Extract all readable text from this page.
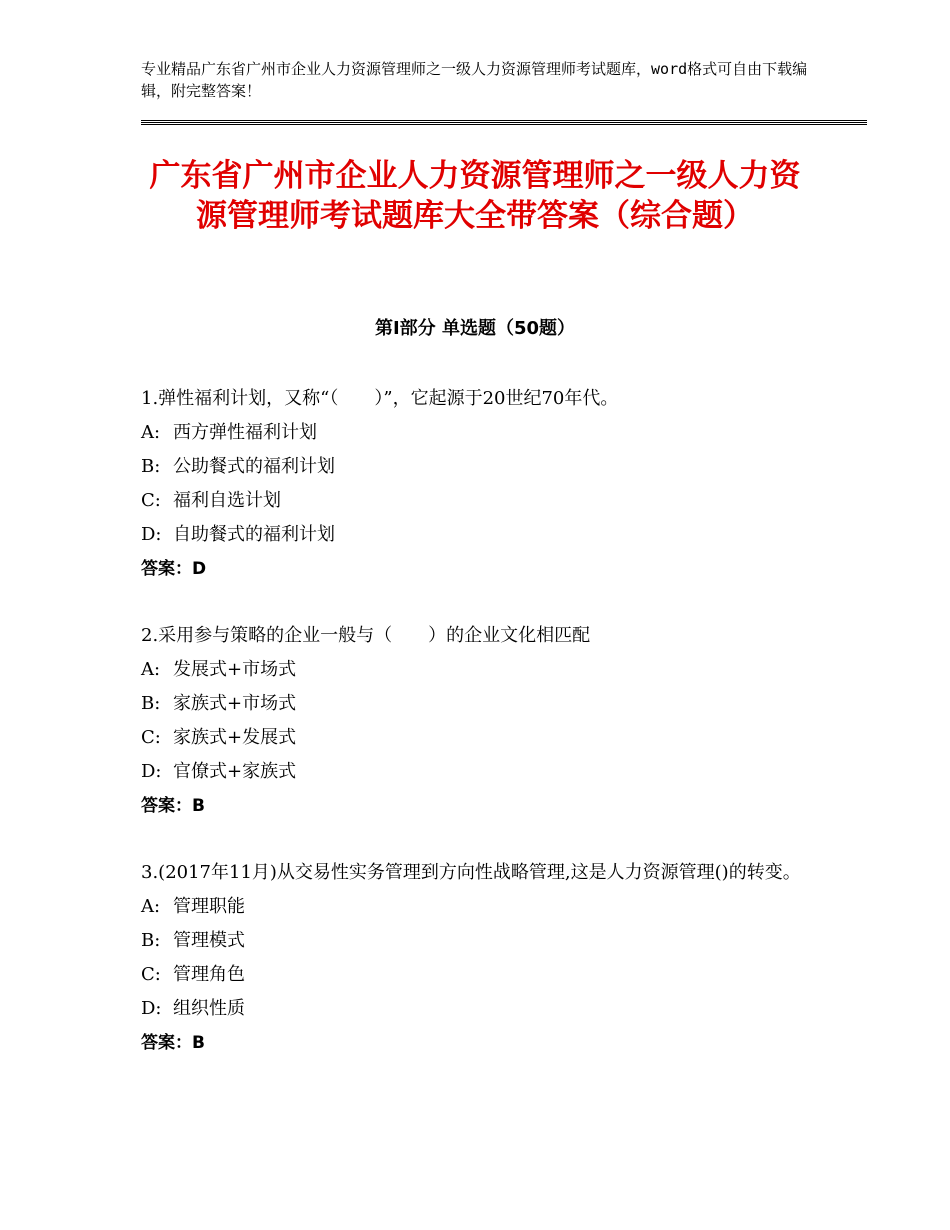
专业精品广东省广州市企业人力资源管理师之一级人力资源管理师考试题库，word格式可自由下载编辑，附完整答案！
广东省广州市企业人力资源管理师之一级人力资源管理师考试题库大全带答案（综合题）
第Ⅰ部分 单选题（50题）
1.弹性福利计划，又称“（　　）”，它起源于20世纪70年代。
A: 西方弹性福利计划
B: 公助餐式的福利计划
C: 福利自选计划
D: 自助餐式的福利计划
答案：D
2.采用参与策略的企业一般与（　　）的企业文化相匹配
A: 发展式+市场式
B: 家族式+市场式
C: 家族式+发展式
D: 官僚式+家族式
答案：B
3.(2017年11月)从交易性实务管理到方向性战略管理,这是人力资源管理()的转变。
A: 管理职能
B: 管理模式
C: 管理角色
D: 组织性质
答案：B
